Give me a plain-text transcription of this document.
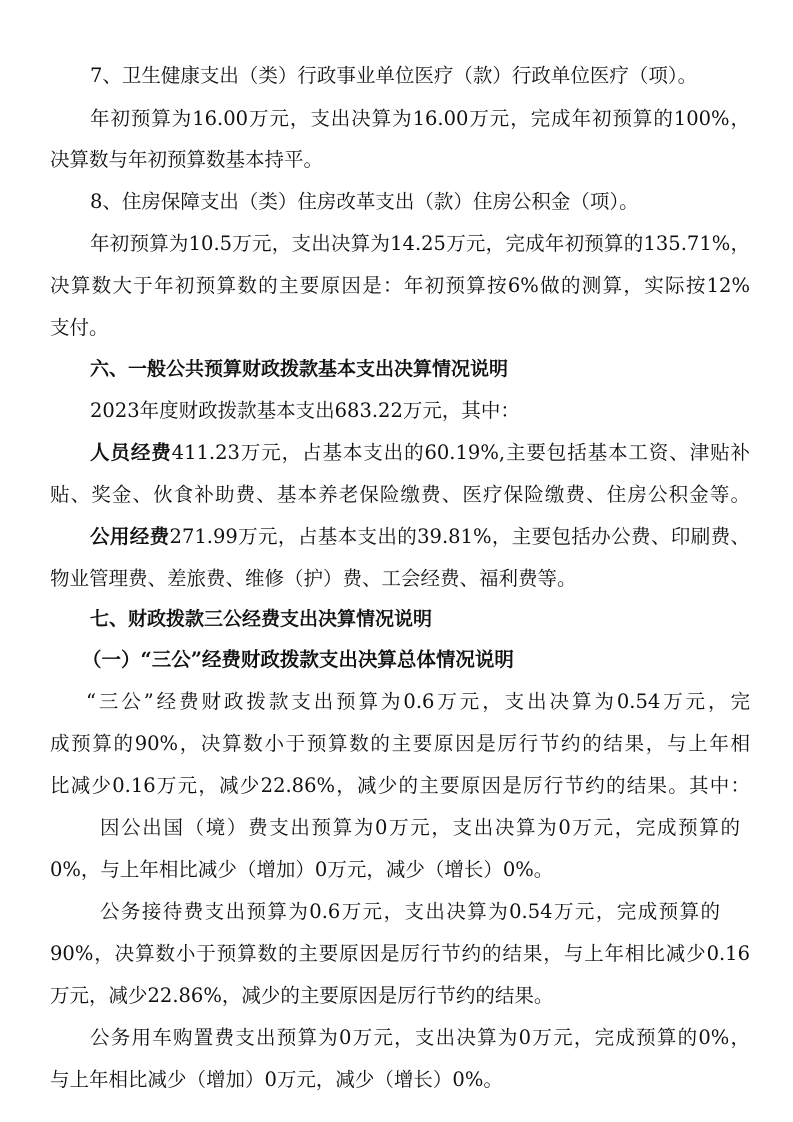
7、卫生健康支出（类）行政事业单位医疗（款）行政单位医疗（项）。
年初预算为16.00万元，支出决算为16.00万元，完成年初预算的100%，
决算数与年初预算数基本持平。
8、住房保障支出（类）住房改革支出（款）住房公积金（项）。
年初预算为10.5万元，支出决算为14.25万元，完成年初预算的135.71%，
决算数大于年初预算数的主要原因是：年初预算按6%做的测算，实际按12%
支付。
六、一般公共预算财政拨款基本支出决算情况说明
2023年度财政拨款基本支出683.22万元，其中：
人员经费411.23万元，占基本支出的60.19%,主要包括基本工资、津贴补
贴、奖金、伙食补助费、基本养老保险缴费、医疗保险缴费、住房公积金等。
公用经费271.99万元，占基本支出的39.81%，主要包括办公费、印刷费、
物业管理费、差旅费、维修（护）费、工会经费、福利费等。
七、财政拨款三公经费支出决算情况说明
（一）“三公”经费财政拨款支出决算总体情况说明
“三公”经费财政拨款支出预算为0.6万元，支出决算为0.54万元，完
成预算的90%，决算数小于预算数的主要原因是厉行节约的结果，与上年相
比减少0.16万元，减少22.86%，减少的主要原因是厉行节约的结果。其中：
因公出国（境）费支出预算为0万元，支出决算为0万元，完成预算的
0%，与上年相比减少（增加）0万元，减少（增长）0%。
公务接待费支出预算为0.6万元，支出决算为0.54万元，完成预算的
90%，决算数小于预算数的主要原因是厉行节约的结果，与上年相比减少0.16
万元，减少22.86%，减少的主要原因是厉行节约的结果。
公务用车购置费支出预算为0万元，支出决算为0万元，完成预算的0%，
与上年相比减少（增加）0万元，减少（增长）0%。
